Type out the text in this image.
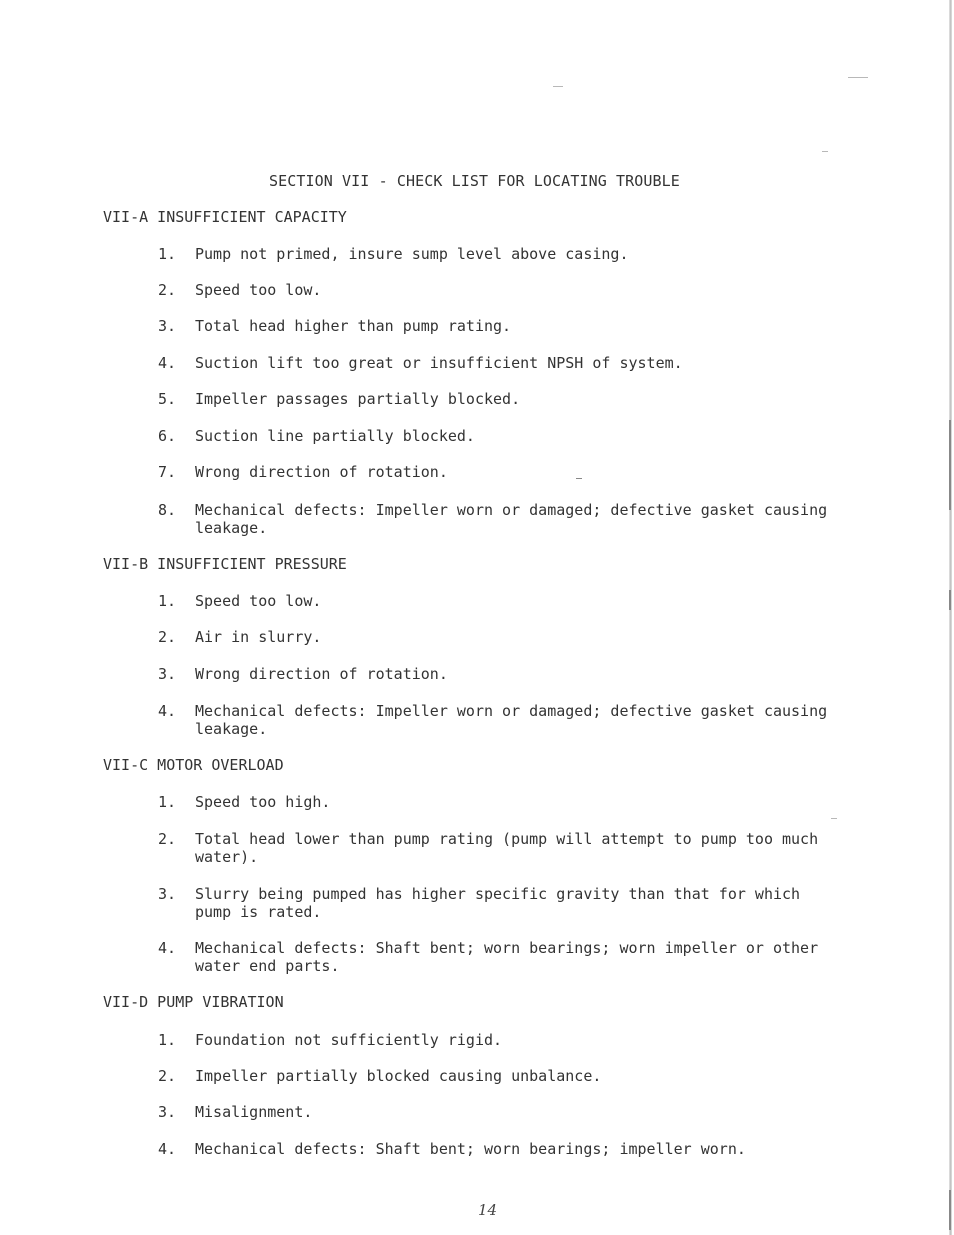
SECTION VII - CHECK LIST FOR LOCATING TROUBLE
VII-A INSUFFICIENT CAPACITY
1.	Pump not primed, insure sump level above casing.
2.	Speed too low.
3.	Total head higher than pump rating.
4.	Suction lift too great or insufficient NPSH of system.
5.	Impeller passages partially blocked.
6.	Suction line partially blocked.
7.	Wrong direction of rotation.
8.	Mechanical defects: Impeller worn or damaged; defective gasket causing leakage.
VII-B INSUFFICIENT PRESSURE
1.	Speed too low.
2.	Air in slurry.
3.	Wrong direction of rotation.
4.	Mechanical defects: Impeller worn or damaged; defective gasket causing leakage.
VII-C MOTOR OVERLOAD
1.	Speed too high.
2.	Total head lower than pump rating (pump will attempt to pump too much water).
3.	Slurry being pumped has higher specific gravity than that for which pump is rated.
4.	Mechanical defects: Shaft bent; worn bearings; worn impeller or other water end parts.
VII-D PUMP VIBRATION
1.	Foundation not sufficiently rigid.
2.	Impeller partially blocked causing unbalance.
3.	Misalignment.
4.	Mechanical defects: Shaft bent; worn bearings; impeller worn.
14
